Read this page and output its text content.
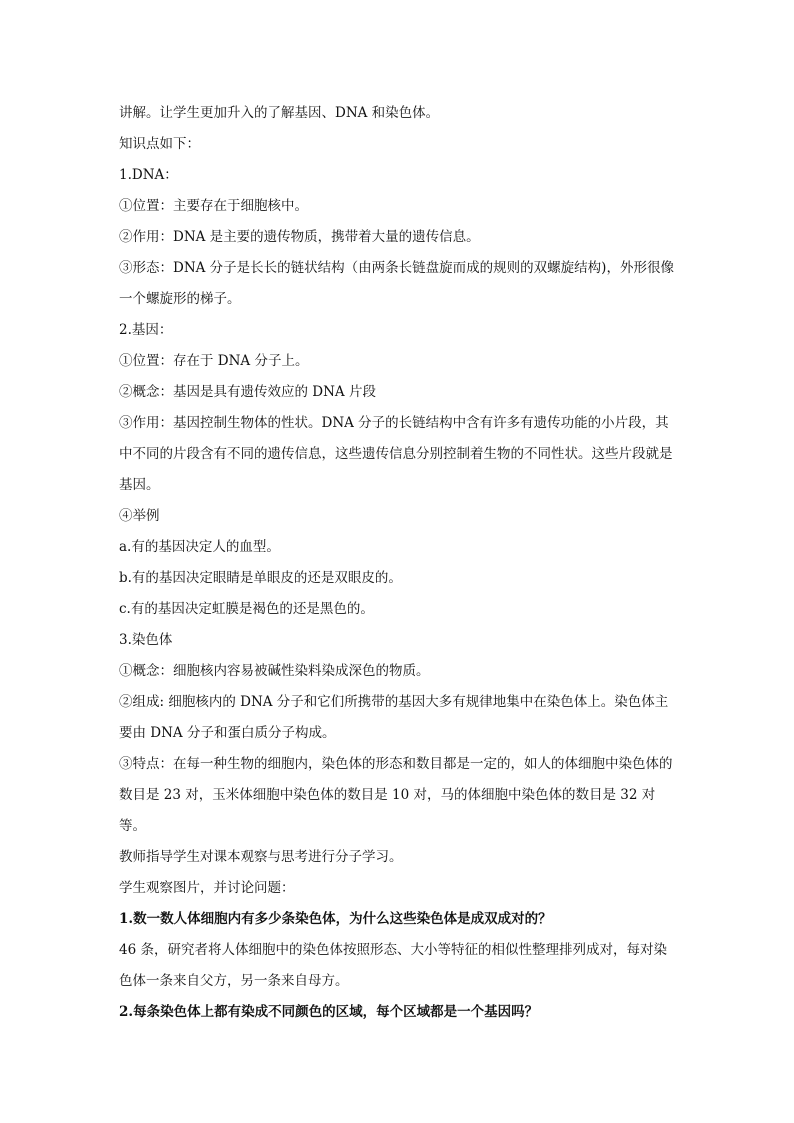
讲解。让学生更加升入的了解基因、DNA 和染色体。

知识点如下：

1.DNA：

①位置：主要存在于细胞核中。

②作用：DNA 是主要的遗传物质，携带着大量的遗传信息。

③形态：DNA 分子是长长的链状结构（由两条长链盘旋而成的规则的双螺旋结构)，外形很像一个螺旋形的梯子。

2.基因：

①位置：存在于 DNA 分子上。

②概念：基因是具有遗传效应的 DNA 片段

③作用：基因控制生物体的性状。DNA 分子的长链结构中含有许多有遗传功能的小片段，其中不同的片段含有不同的遗传信息，这些遗传信息分别控制着生物的不同性状。这些片段就是基因。

④举例

a.有的基因决定人的血型。

b.有的基因决定眼睛是单眼皮的还是双眼皮的。

c.有的基因决定虹膜是褐色的还是黑色的。

3.染色体

①概念：细胞核内容易被碱性染料染成深色的物质。

②组成: 细胞核内的 DNA 分子和它们所携带的基因大多有规律地集中在染色体上。染色体主要由 DNA 分子和蛋白质分子构成。

③特点：在每一种生物的细胞内，染色体的形态和数目都是一定的，如人的体细胞中染色体的数目是 23 对，玉米体细胞中染色体的数目是 10 对，马的体细胞中染色体的数目是 32 对等。

教师指导学生对课本观察与思考进行分子学习。

学生观察图片，并讨论问题：

1.数一数人体细胞内有多少条染色体，为什么这些染色体是成双成对的？

46 条，研究者将人体细胞中的染色体按照形态、大小等特征的相似性整理排列成对，每对染色体一条来自父方，另一条来自母方。

2.每条染色体上都有染成不同颜色的区域，每个区域都是一个基因吗？
